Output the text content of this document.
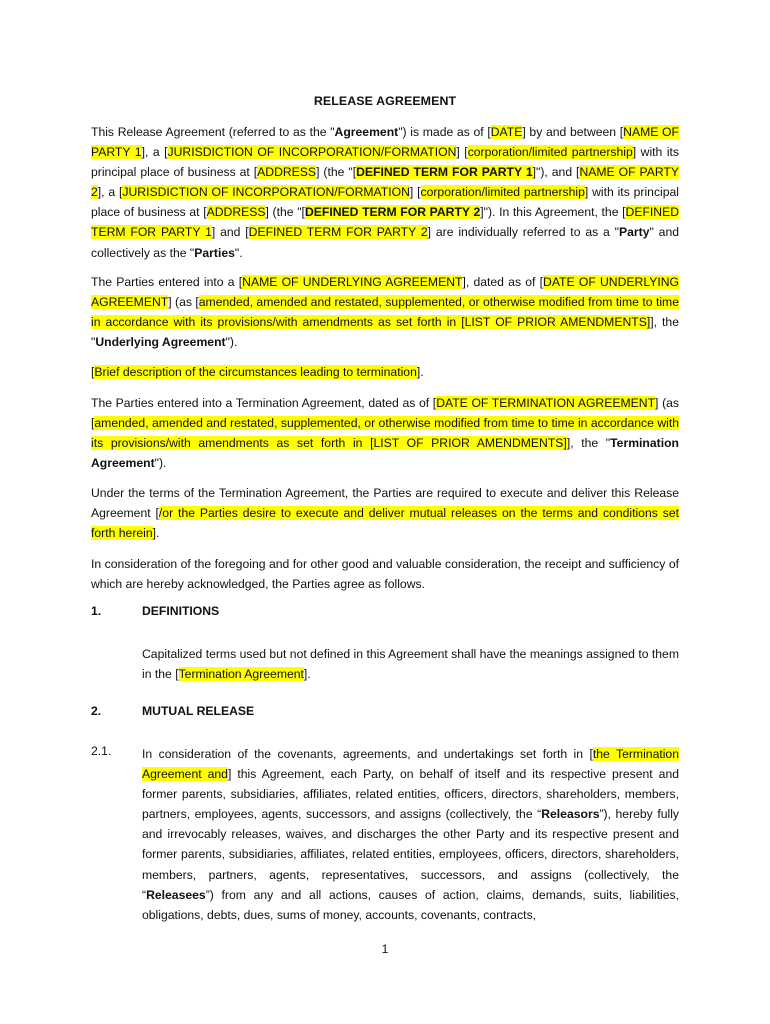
RELEASE AGREEMENT

This Release Agreement (referred to as the "Agreement") is made as of [DATE] by and between [NAME OF PARTY 1], a [JURISDICTION OF INCORPORATION/FORMATION] [corporation/limited partnership] with its principal place of business at [ADDRESS] (the "[DEFINED TERM FOR PARTY 1]"), and [NAME OF PARTY 2], a [JURISDICTION OF INCORPORATION/FORMATION] [corporation/limited partnership] with its principal place of business at [ADDRESS] (the "[DEFINED TERM FOR PARTY 2]"). In this Agreement, the [DEFINED TERM FOR PARTY 1] and [DEFINED TERM FOR PARTY 2] are individually referred to as a "Party" and collectively as the "Parties".

The Parties entered into a [NAME OF UNDERLYING AGREEMENT], dated as of [DATE OF UNDERLYING AGREEMENT] (as [amended, amended and restated, supplemented, or otherwise modified from time to time in accordance with its provisions/with amendments as set forth in [LIST OF PRIOR AMENDMENTS]], the "Underlying Agreement").

[Brief description of the circumstances leading to termination].

The Parties entered into a Termination Agreement, dated as of [DATE OF TERMINATION AGREEMENT] (as [amended, amended and restated, supplemented, or otherwise modified from time to time in accordance with its provisions/with amendments as set forth in [LIST OF PRIOR AMENDMENTS]], the "Termination Agreement").

Under the terms of the Termination Agreement, the Parties are required to execute and deliver this Release Agreement [/or the Parties desire to execute and deliver mutual releases on the terms and conditions set forth herein].

In consideration of the foregoing and for other good and valuable consideration, the receipt and sufficiency of which are hereby acknowledged, the Parties agree as follows.

1.	DEFINITIONS

Capitalized terms used but not defined in this Agreement shall have the meanings assigned to them in the [Termination Agreement].

2.	MUTUAL RELEASE
2.1.	In consideration of the covenants, agreements, and undertakings set forth in [the Termination Agreement and] this Agreement, each Party, on behalf of itself and its respective present and former parents, subsidiaries, affiliates, related entities, officers, directors, shareholders, members, partners, employees, agents, successors, and assigns (collectively, the “Releasors”), hereby fully and irrevocably releases, waives, and discharges the other Party and its respective present and former parents, subsidiaries, affiliates, related entities, employees, officers, directors, shareholders, members, partners, agents, representatives, successors, and assigns (collectively, the “Releasees”) from any and all actions, causes of action, claims, demands, suits, liabilities, obligations, debts, dues, sums of money, accounts, covenants, contracts,

1
